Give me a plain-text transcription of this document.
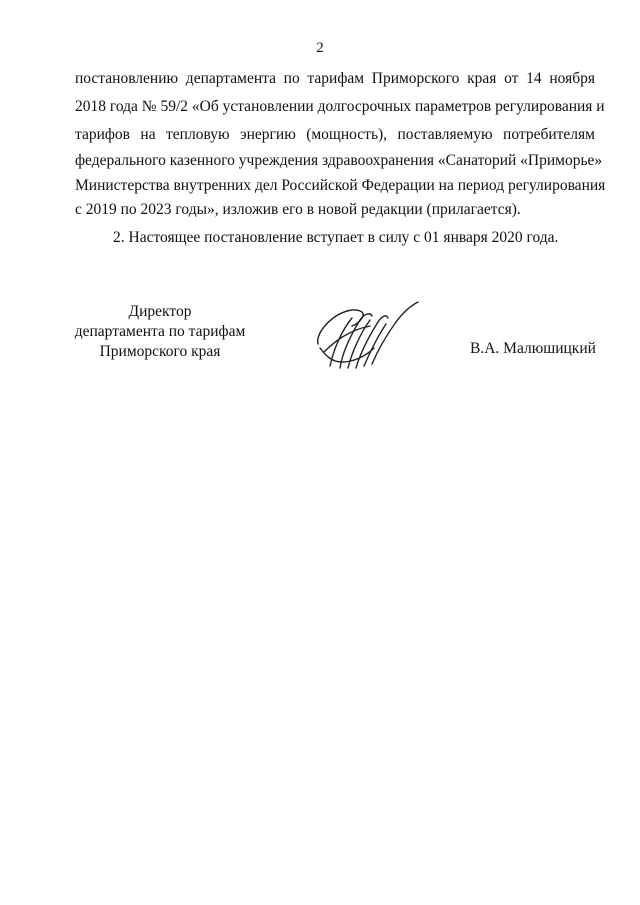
2
постановлению департамента по тарифам Приморского края от 14 ноября
2018 года № 59/2 «Об установлении долгосрочных параметров регулирования и
тарифов на тепловую энергию (мощность), поставляемую потребителям
федерального казенного учреждения здравоохранения «Санаторий «Приморье»
Министерства внутренних дел Российской Федерации на период регулирования
с 2019 по 2023 годы», изложив его в новой редакции (прилагается).
2. Настоящее постановление вступает в силу с 01 января 2020 года.
Директор
департамента по тарифам
Приморского края	В.А. Малюшицкий
